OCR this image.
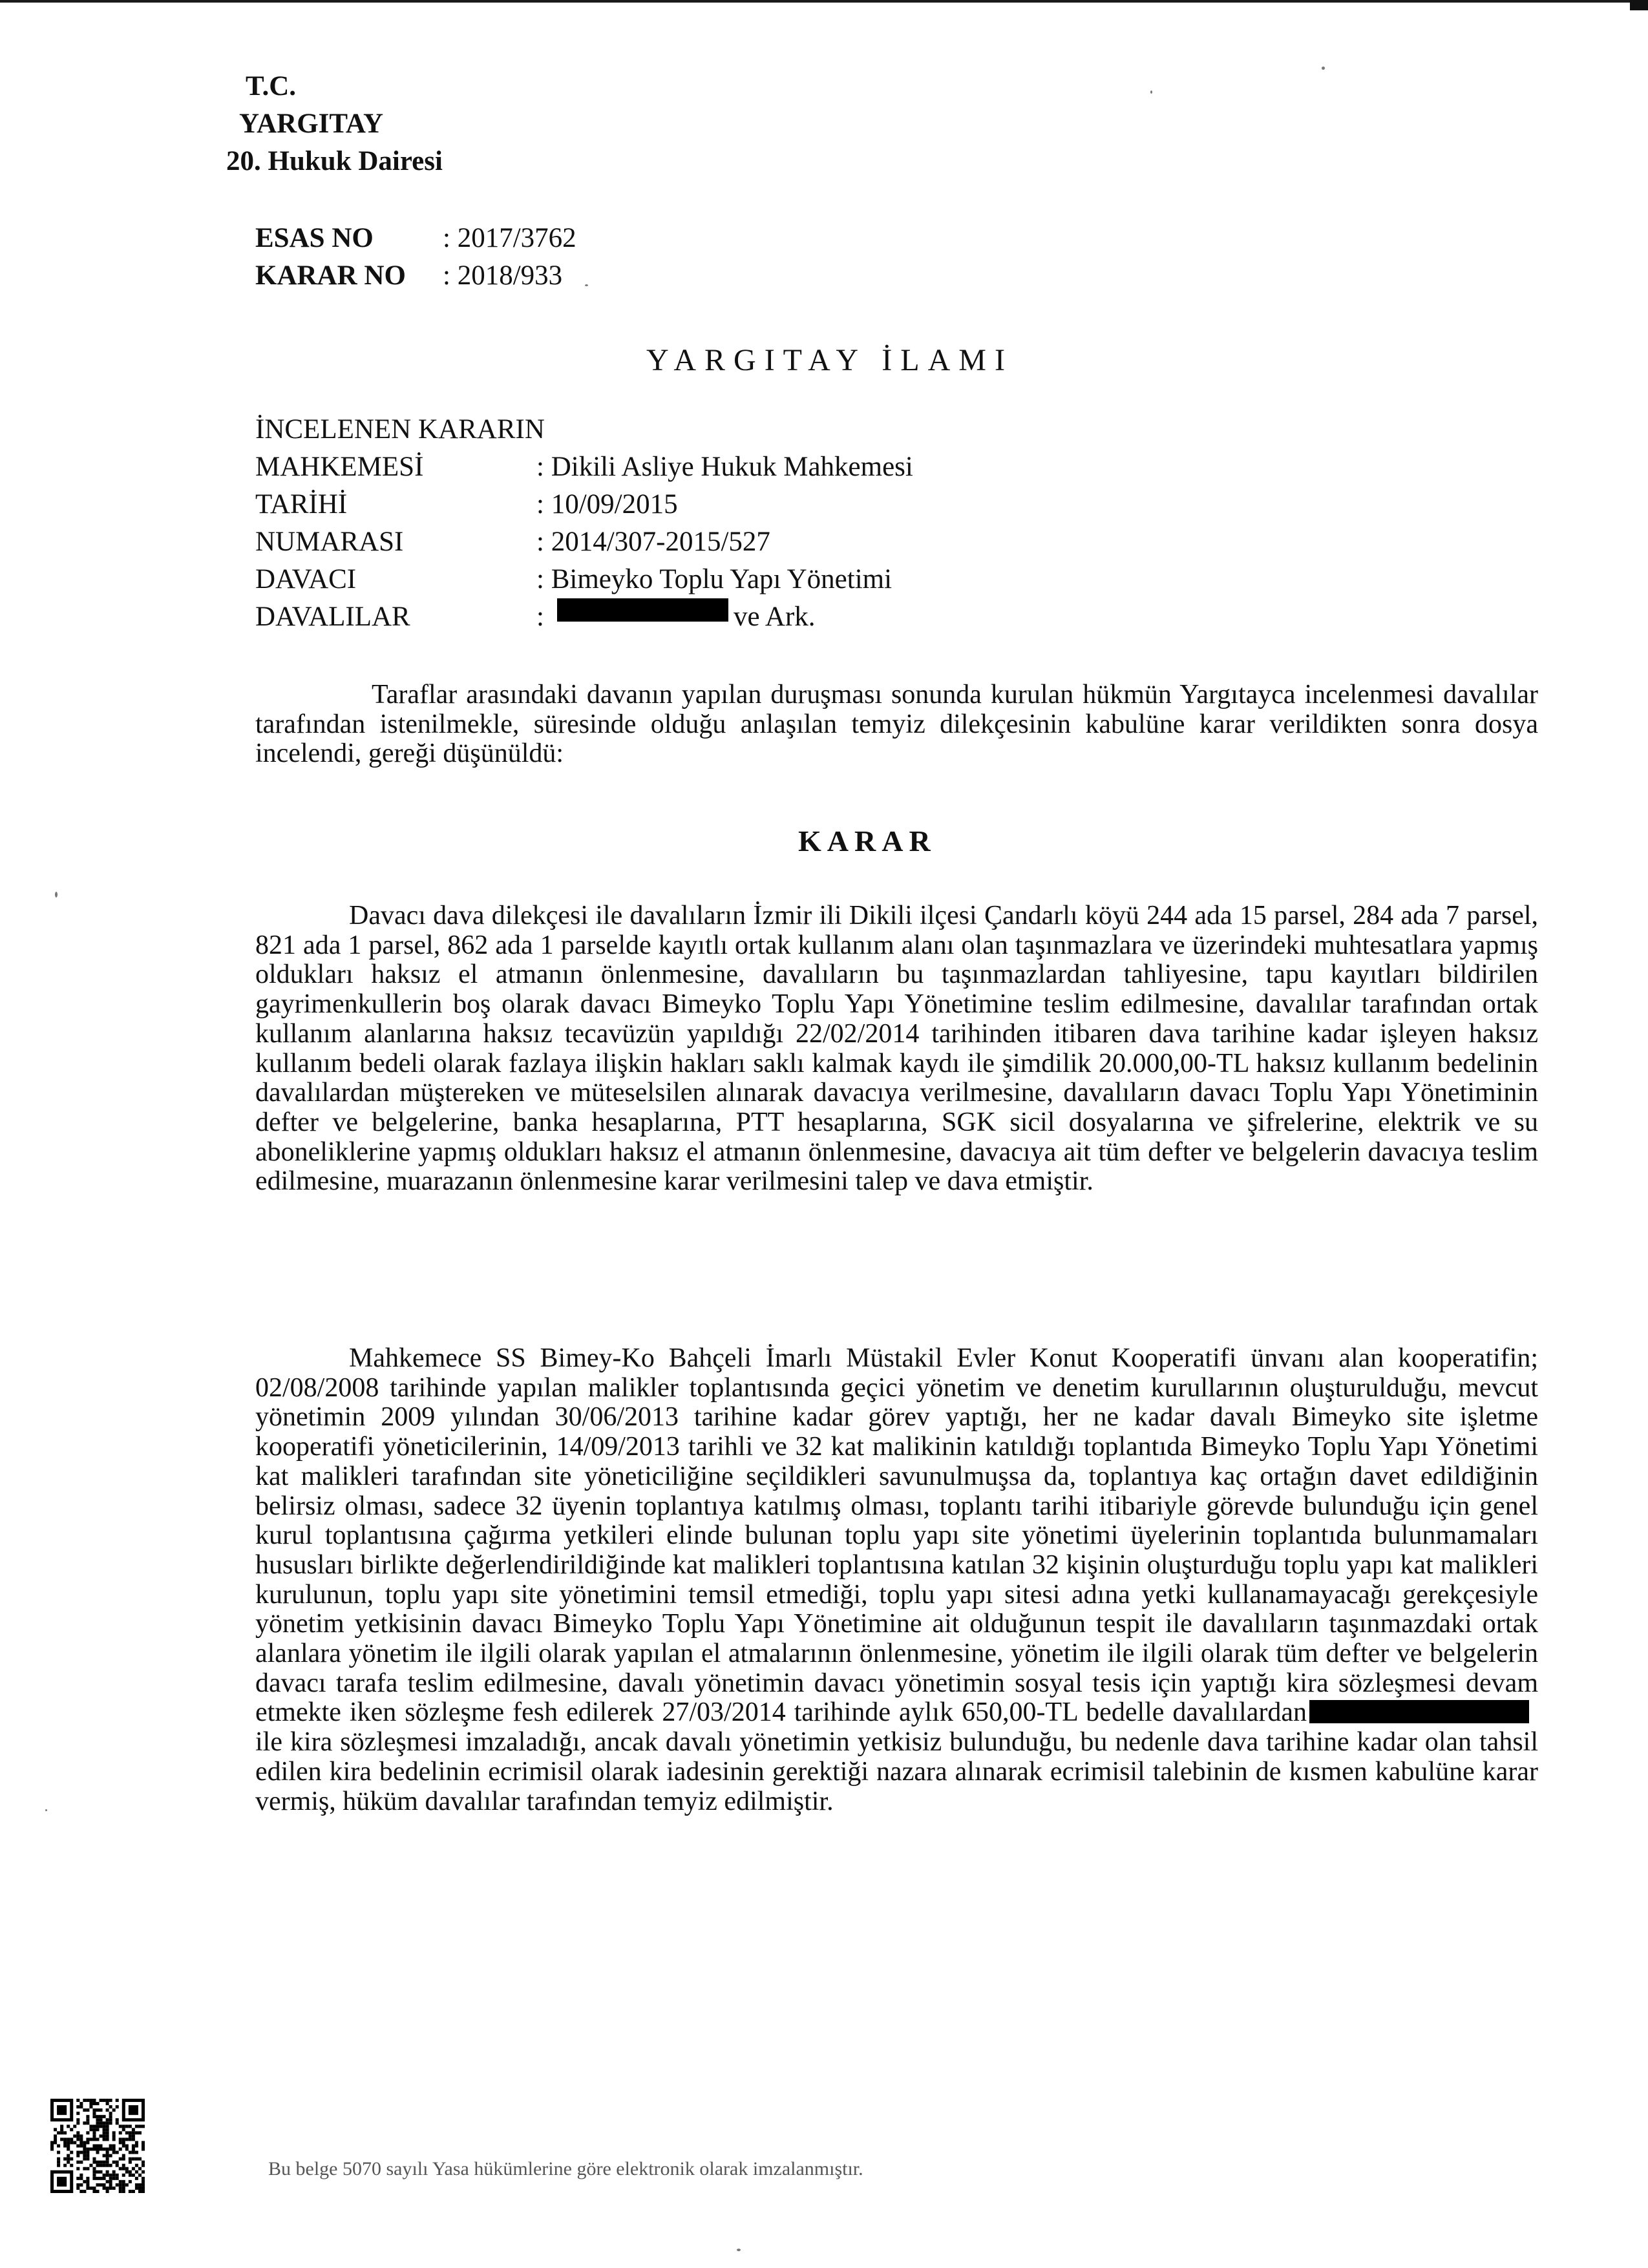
T.C.
YARGITAY
20. Hukuk Dairesi
ESAS NO	: 2017/3762
KARAR NO	: 2018/933
YARGITAY İLAMI
İNCELENEN KARARIN
MAHKEMESİ	: Dikili Asliye Hukuk Mahkemesi
TARİHİ	: 10/09/2015
NUMARASI	: 2014/307-2015/527
DAVACI	: Bimeyko Toplu Yapı Yönetimi
DAVALILAR	:	ve Ark.
Taraflar arasındaki davanın yapılan duruşması sonunda kurulan hükmün Yargıtayca incelenmesi davalılar tarafından istenilmekle, süresinde olduğu anlaşılan temyiz dilekçesinin kabulüne karar verildikten sonra dosya incelendi, gereği düşünüldü:
KARAR
Davacı dava dilekçesi ile davalıların İzmir ili Dikili ilçesi Çandarlı köyü 244 ada 15 parsel, 284 ada 7 parsel, 821 ada 1 parsel, 862 ada 1 parselde kayıtlı ortak kullanım alanı olan taşınmazlara ve üzerindeki muhtesatlara yapmış oldukları haksız el atmanın önlenmesine, davalıların bu taşınmazlardan tahliyesine, tapu kayıtları bildirilen gayrimenkullerin boş olarak davacı Bimeyko Toplu Yapı Yönetimine teslim edilmesine, davalılar tarafından ortak kullanım alanlarına haksız tecavüzün yapıldığı 22/02/2014 tarihinden itibaren dava tarihine kadar işleyen haksız kullanım bedeli olarak fazlaya ilişkin hakları saklı kalmak kaydı ile şimdilik 20.000,00-TL haksız kullanım bedelinin davalılardan müştereken ve müteselsilen alınarak davacıya verilmesine, davalıların davacı Toplu Yapı Yönetiminin defter ve belgelerine, banka hesaplarına, PTT hesaplarına, SGK sicil dosyalarına ve şifrelerine, elektrik ve su aboneliklerine yapmış oldukları haksız el atmanın önlenmesine, davacıya ait tüm defter ve belgelerin davacıya teslim edilmesine, muarazanın önlenmesine karar verilmesini talep ve dava etmiştir.
Mahkemece SS Bimey-Ko Bahçeli İmarlı Müstakil Evler Konut Kooperatifi ünvanı alan kooperatifin; 02/08/2008 tarihinde yapılan malikler toplantısında geçici yönetim ve denetim kurullarının oluşturulduğu, mevcut yönetimin 2009 yılından 30/06/2013 tarihine kadar görev yaptığı, her ne kadar davalı Bimeyko site işletme kooperatifi yöneticilerinin, 14/09/2013 tarihli ve 32 kat malikinin katıldığı toplantıda Bimeyko Toplu Yapı Yönetimi kat malikleri tarafından site yöneticiliğine seçildikleri savunulmuşsa da, toplantıya kaç ortağın davet edildiğinin belirsiz olması, sadece 32 üyenin toplantıya katılmış olması, toplantı tarihi itibariyle görevde bulunduğu için genel kurul toplantısına çağırma yetkileri elinde bulunan toplu yapı site yönetimi üyelerinin toplantıda bulunmamaları hususları birlikte değerlendirildiğinde kat malikleri toplantısına katılan 32 kişinin oluşturduğu toplu yapı kat malikleri kurulunun, toplu yapı site yönetimini temsil etmediği, toplu yapı sitesi adına yetki kullanamayacağı gerekçesiyle yönetim yetkisinin davacı Bimeyko Toplu Yapı Yönetimine ait olduğunun tespit ile davalıların taşınmazdaki ortak alanlara yönetim ile ilgili olarak yapılan el atmalarının önlenmesine, yönetim ile ilgili olarak tüm defter ve belgelerin davacı tarafa teslim edilmesine, davalı yönetimin davacı yönetimin sosyal tesis için yaptığı kira sözleşmesi devam etmekte iken sözleşme fesh edilerek 27/03/2014 tarihinde aylık 650,00-TL bedelle davalılardanile kira sözleşmesi imzaladığı, ancak davalı yönetimin yetkisiz bulunduğu, bu nedenle dava tarihine kadar olan tahsil edilen kira bedelinin ecrimisil olarak iadesinin gerektiği nazara alınarak ecrimisil talebinin de kısmen kabulüne karar vermiş, hüküm davalılar tarafından temyiz edilmiştir.
Bu belge 5070 sayılı Yasa hükümlerine göre elektronik olarak imzalanmıştır.
